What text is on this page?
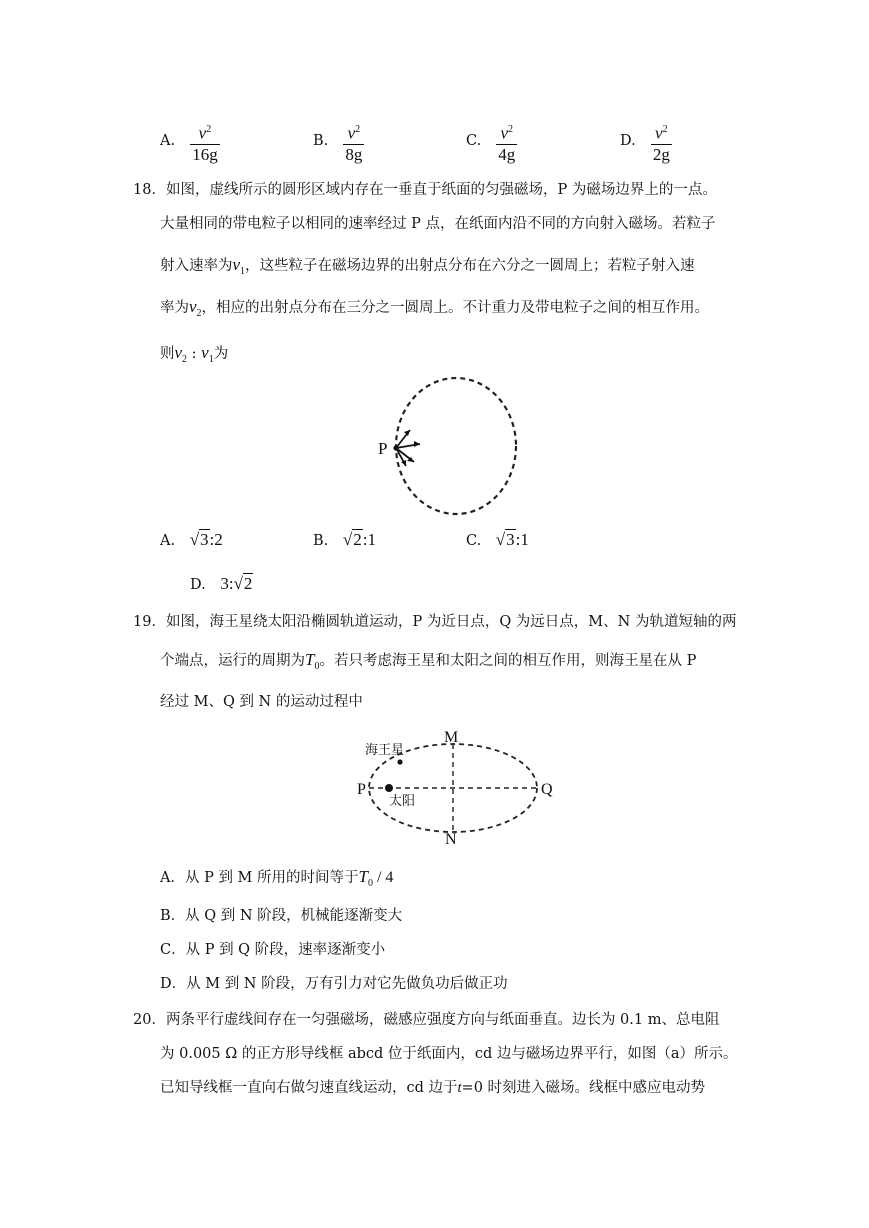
A. $\frac{v^2}{16g}$	B. $\frac{v^2}{8g}$	C. $\frac{v^2}{4g}$	D. $\frac{v^2}{2g}$
18．如图，虚线所示的圆形区域内存在一垂直于纸面的匀强磁场，P 为磁场边界上的一点。
大量相同的带电粒子以相同的速率经过 P 点，在纸面内沿不同的方向射入磁场。若粒子
射入速率为$v_1$，这些粒子在磁场边界的出射点分布在六分之一圆周上；若粒子射入速
率为$v_2$，相应的出射点分布在三分之一圆周上。不计重力及带电粒子之间的相互作用。
则$v_2$ : $v_1$为
P
A. √3:2	B. √2:1	C. √3:1
D. 3:√2
19．如图，海王星绕太阳沿椭圆轨道运动，P 为近日点，Q 为远日点，M、N 为轨道短轴的两
个端点，运行的周期为$T_0$。若只考虑海王星和太阳之间的相互作用，则海王星在从 P
经过 M、Q 到 N 的运动过程中
海王星
太阳
P	Q
M
N
A．从 P 到 M 所用的时间等于$T_0 / 4$
B．从 Q 到 N 阶段，机械能逐渐变大
C．从 P 到 Q 阶段，速率逐渐变小
D．从 M 到 N 阶段，万有引力对它先做负功后做正功
20．两条平行虚线间存在一匀强磁场，磁感应强度方向与纸面垂直。边长为 0.1 m、总电阻
为 0.005 Ω 的正方形导线框 abcd 位于纸面内，cd 边与磁场边界平行，如图（a）所示。
已知导线框一直向右做匀速直线运动，cd 边于t=0 时刻进入磁场。线框中感应电动势
